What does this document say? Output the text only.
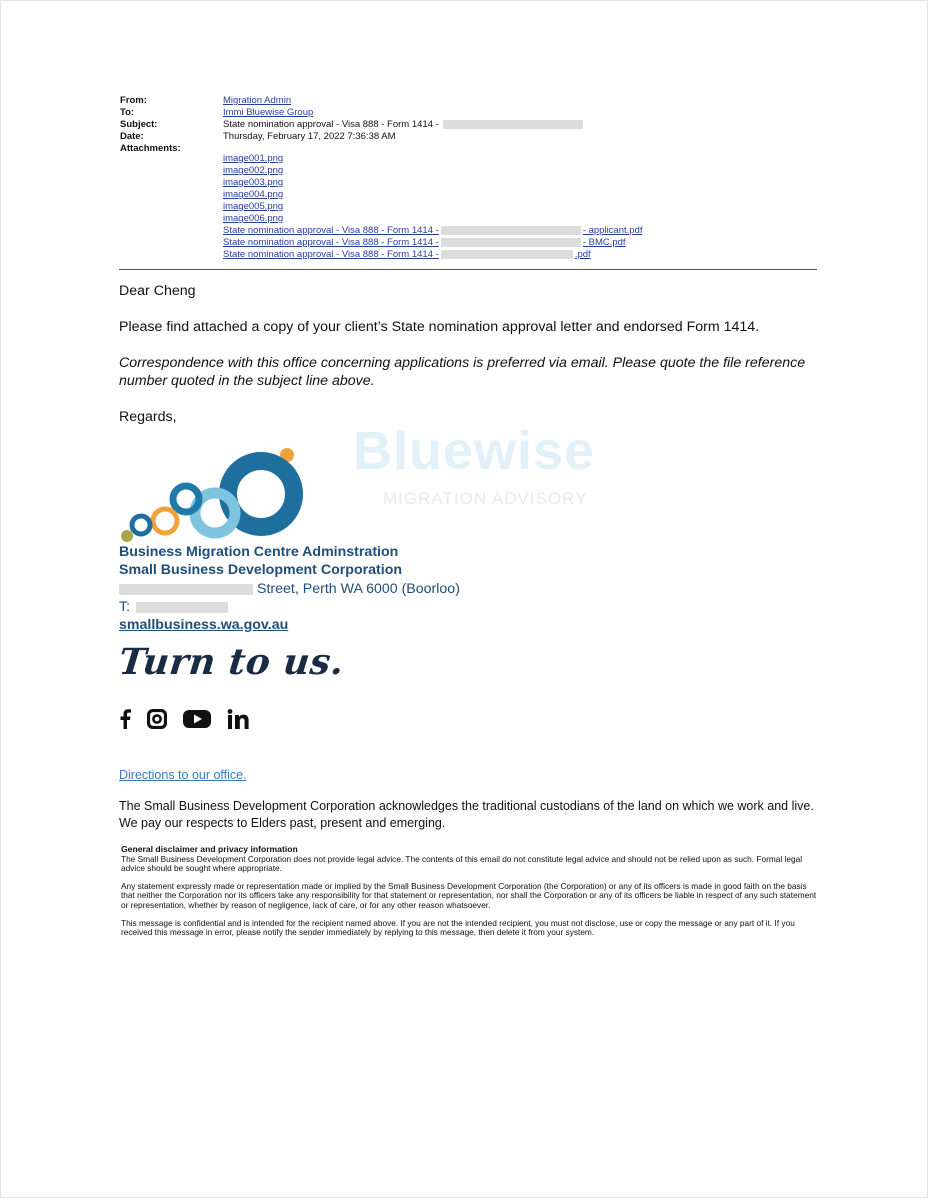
From:	Migration Admin
To:	Immi Bluewise Group
Subject:	State nomination approval - Visa 888 - Form 1414 -
Date:	Thursday, February 17, 2022 7:36:38 AM
Attachments:
image001.png
image002.png
image003.png
image004.png
image005.png
image006.png
State nomination approval - Visa 888 - Form 1414 -	- applicant.pdf
State nomination approval - Visa 888 - Form 1414 -	- BMC.pdf
State nomination approval - Visa 888 - Form 1414 -	.pdf
Dear Cheng
Please find attached a copy of your client’s State nomination approval letter and endorsed Form 1414.
Correspondence with this office concerning applications is preferred via email. Please quote the file reference number quoted in the subject line above.
Regards,
Bluewise
MIGRATION ADVISORY
Business Migration Centre Adminstration
Small Business Development Corporation
Street, Perth WA 6000 (Boorloo)
T:
smallbusiness.wa.gov.au
Turn to us.
Directions to our office.
The Small Business Development Corporation acknowledges the traditional custodians of the land on which we work and live. We pay our respects to Elders past, present and emerging.
General disclaimer and privacy information

The Small Business Development Corporation does not provide legal advice. The contents of this email do not constitute legal advice and should not be relied upon as such. Formal legal advice should be sought where appropriate.

Any statement expressly made or representation made or implied by the Small Business Development Corporation (the Corporation) or any of its officers is made in good faith on the basis that neither the Corporation nor its officers take any responsibility for that statement or representation, nor shall the Corporation or any of its officers be liable in respect of any such statement or representation, whether by reason of negligence, lack of care, or for any other reason whatsoever.

This message is confidential and is intended for the recipient named above. If you are not the intended recipient, you must not disclose, use or copy the message or any part of it. If you received this message in error, please notify the sender immediately by replying to this message, then delete it from your system.
